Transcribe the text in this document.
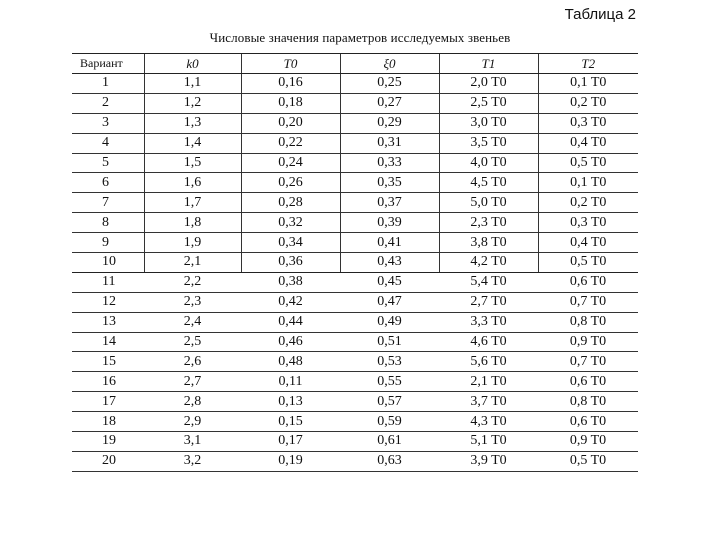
Таблица 2
Числовые значения параметров исследуемых звеньев
Вариант	k0	T0	ξ0	T1	T2
1	1,1	0,16	0,25	2,0 T0	0,1 T0
2	1,2	0,18	0,27	2,5 T0	0,2 T0
3	1,3	0,20	0,29	3,0 T0	0,3 T0
4	1,4	0,22	0,31	3,5 T0	0,4 T0
5	1,5	0,24	0,33	4,0 T0	0,5 T0
6	1,6	0,26	0,35	4,5 T0	0,1 T0
7	1,7	0,28	0,37	5,0 T0	0,2 T0
8	1,8	0,32	0,39	2,3 T0	0,3 T0
9	1,9	0,34	0,41	3,8 T0	0,4 T0
10	2,1	0,36	0,43	4,2 T0	0,5 T0
11	2,2	0,38	0,45	5,4 T0	0,6 T0
12	2,3	0,42	0,47	2,7 T0	0,7 T0
13	2,4	0,44	0,49	3,3 T0	0,8 T0
14	2,5	0,46	0,51	4,6 T0	0,9 T0
15	2,6	0,48	0,53	5,6 T0	0,7 T0
16	2,7	0,11	0,55	2,1 T0	0,6 T0
17	2,8	0,13	0,57	3,7 T0	0,8 T0
18	2,9	0,15	0,59	4,3 T0	0,6 T0
19	3,1	0,17	0,61	5,1 T0	0,9 T0
20	3,2	0,19	0,63	3,9 T0	0,5 T0
